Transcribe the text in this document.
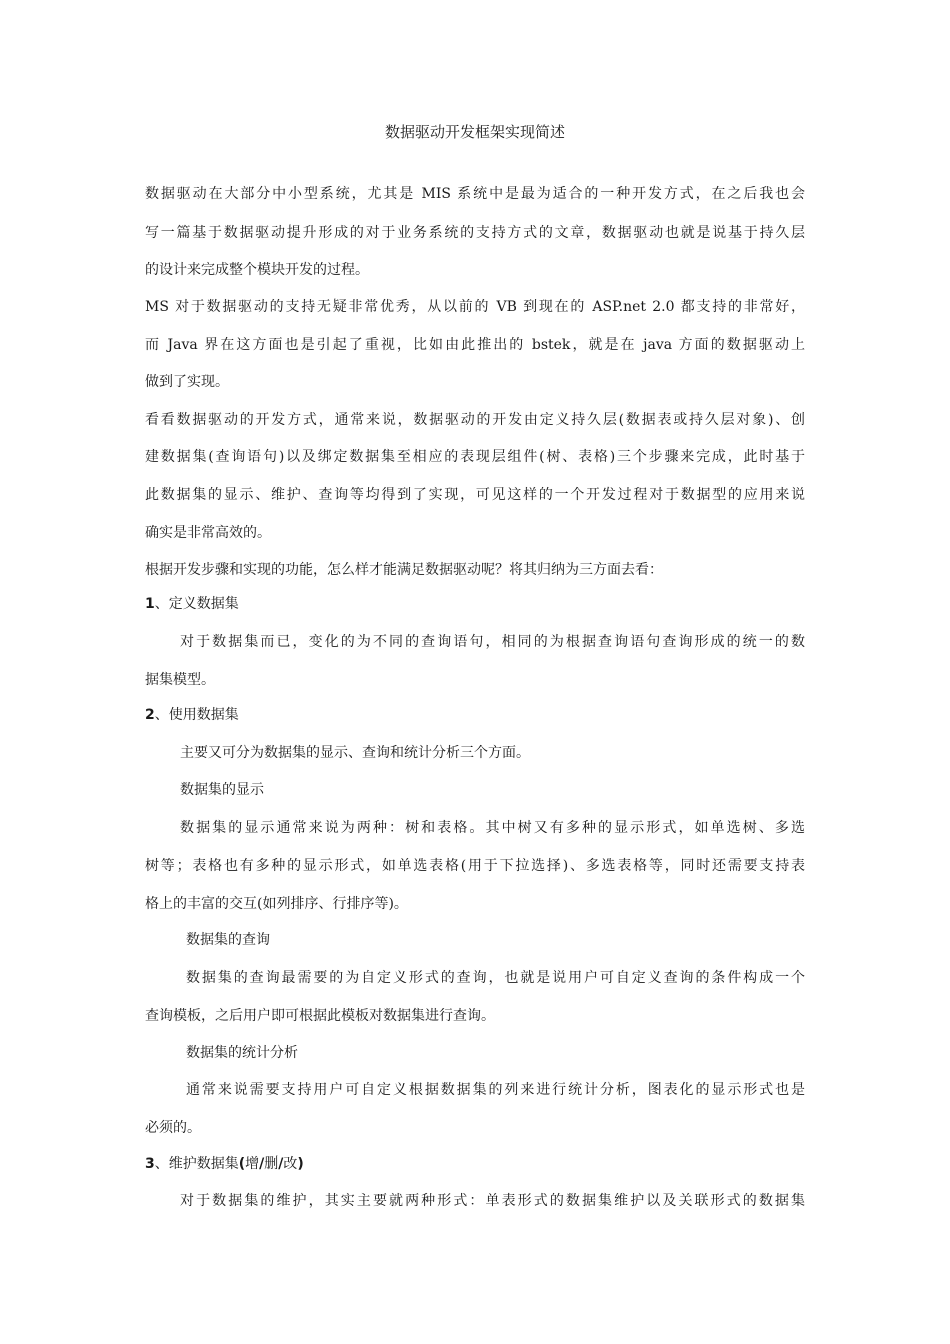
数据驱动开发框架实现简述
数据驱动在大部分中小型系统，尤其是 MIS 系统中是最为适合的一种开发方式，在之后我也会
写一篇基于数据驱动提升形成的对于业务系统的支持方式的文章，数据驱动也就是说基于持久层
的设计来完成整个模块开发的过程。
MS 对于数据驱动的支持无疑非常优秀，从以前的 VB 到现在的 ASP.net 2.0 都支持的非常好，
而 Java 界在这方面也是引起了重视，比如由此推出的 bstek，就是在 java 方面的数据驱动上
做到了实现。
看看数据驱动的开发方式，通常来说，数据驱动的开发由定义持久层(数据表或持久层对象)、创
建数据集(查询语句)以及绑定数据集至相应的表现层组件(树、表格)三个步骤来完成，此时基于
此数据集的显示、维护、查询等均得到了实现，可见这样的一个开发过程对于数据型的应用来说
确实是非常高效的。
根据开发步骤和实现的功能，怎么样才能满足数据驱动呢？将其归纳为三方面去看：
1、定义数据集
对于数据集而已，变化的为不同的查询语句，相同的为根据查询语句查询形成的统一的数
据集模型。
2、使用数据集
主要又可分为数据集的显示、查询和统计分析三个方面。
数据集的显示
数据集的显示通常来说为两种：树和表格。其中树又有多种的显示形式，如单选树、多选
树等；表格也有多种的显示形式，如单选表格(用于下拉选择)、多选表格等，同时还需要支持表
格上的丰富的交互(如列排序、行排序等)。
数据集的查询
数据集的查询最需要的为自定义形式的查询，也就是说用户可自定义查询的条件构成一个
查询模板，之后用户即可根据此模板对数据集进行查询。
数据集的统计分析
通常来说需要支持用户可自定义根据数据集的列来进行统计分析，图表化的显示形式也是
必须的。
3、维护数据集(增/删/改)
对于数据集的维护，其实主要就两种形式：单表形式的数据集维护以及关联形式的数据集
